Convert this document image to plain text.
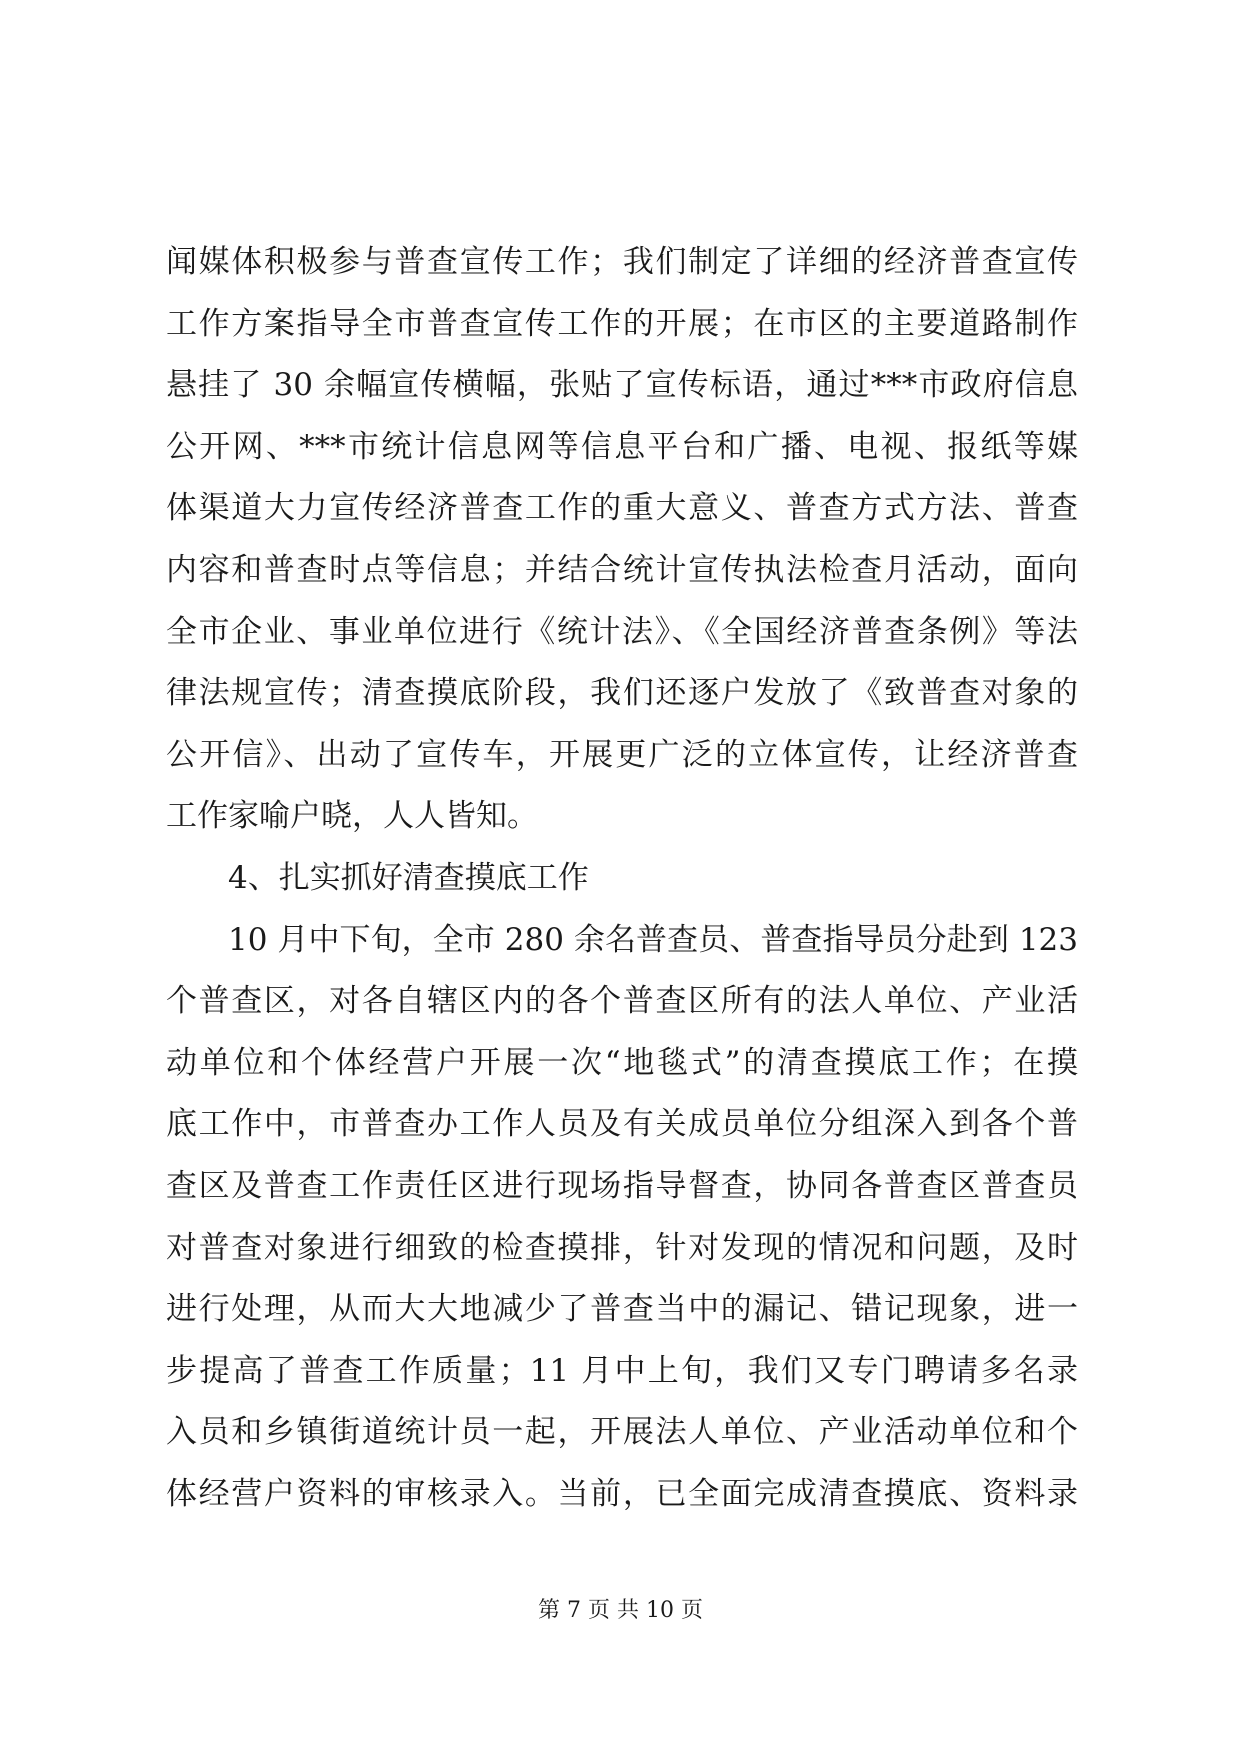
闻媒体积极参与普查宣传工作；我们制定了详细的经济普查宣传
工作方案指导全市普查宣传工作的开展；在市区的主要道路制作
悬挂了 30 余幅宣传横幅，张贴了宣传标语，通过***市政府信息
公开网、***市统计信息网等信息平台和广播、电视、报纸等媒
体渠道大力宣传经济普查工作的重大意义、普查方式方法、普查
内容和普查时点等信息；并结合统计宣传执法检查月活动，面向
全市企业、事业单位进行《统计法》、《全国经济普查条例》等法
律法规宣传；清查摸底阶段，我们还逐户发放了《致普查对象的
公开信》、出动了宣传车，开展更广泛的立体宣传，让经济普查
工作家喻户晓，人人皆知。
4、扎实抓好清查摸底工作
10 月中下旬，全市 280 余名普查员、普查指导员分赴到 123
个普查区，对各自辖区内的各个普查区所有的法人单位、产业活
动单位和个体经营户开展一次“地毯式”的清查摸底工作；在摸
底工作中，市普查办工作人员及有关成员单位分组深入到各个普
查区及普查工作责任区进行现场指导督查，协同各普查区普查员
对普查对象进行细致的检查摸排，针对发现的情况和问题，及时
进行处理，从而大大地减少了普查当中的漏记、错记现象，进一
步提高了普查工作质量；11 月中上旬，我们又专门聘请多名录
入员和乡镇街道统计员一起，开展法人单位、产业活动单位和个
体经营户资料的审核录入。当前，已全面完成清查摸底、资料录
第 7 页 共 10 页
